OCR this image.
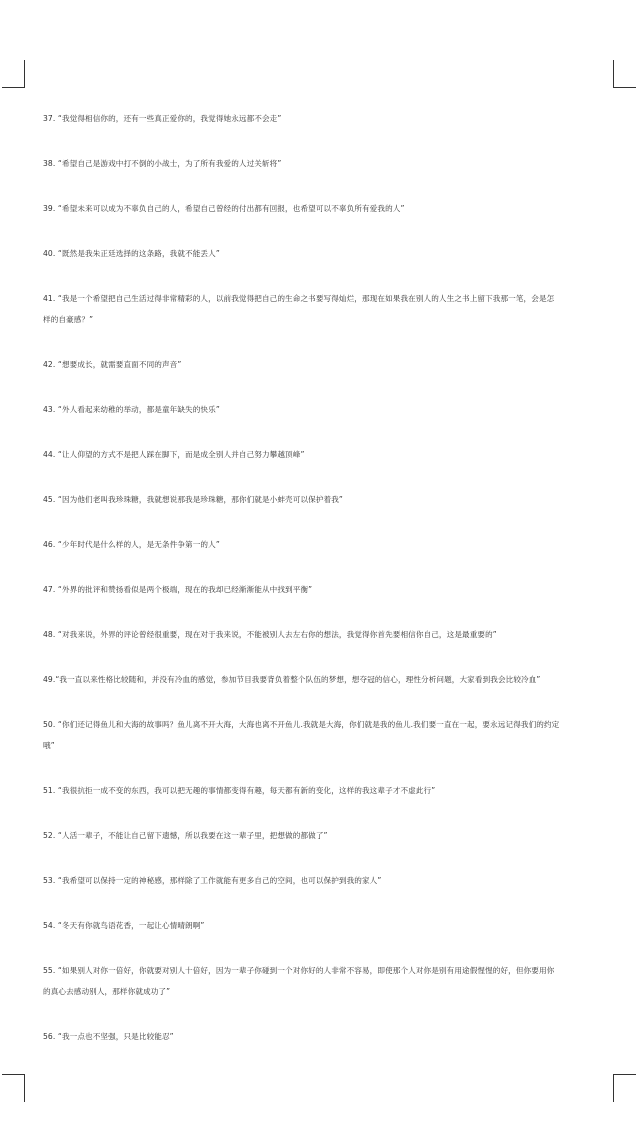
37. “我觉得相信你的，还有一些真正爱你的，我觉得她永远都不会走”
38. “希望自己是游戏中打不倒的小战士，为了所有我爱的人过关斩将”
39. “希望未来可以成为不辜负自己的人，希望自己曾经的付出都有回报，也希望可以不辜负所有爱我的人”
40. “既然是我朱正廷选择的这条路，我就不能丢人”
41. “我是一个希望把自己生活过得非常精彩的人，以前我觉得把自己的生命之书要写得灿烂，那现在如果我在别人的人生之书上留下我那一笔，会是怎
样的自豪感？”
42. “想要成长，就需要直面不同的声音”
43. “外人看起来幼稚的举动，都是童年缺失的快乐”
44. “让人仰望的方式不是把人踩在脚下，而是成全别人并自己努力攀越顶峰”
45. “因为他们老叫我珍珠糖，我就想说那我是珍珠糖，那你们就是小蚌壳可以保护着我”
46. “少年时代是什么样的人，是无条件争第一的人”
47. “外界的批评和赞扬看似是两个极端，现在的我却已经渐渐能从中找到平衡”
48. “对我来说，外界的评论曾经很重要，现在对于我来说，不能被别人去左右你的想法，我觉得你首先要相信你自己，这是最重要的”
49.“我一直以来性格比较随和，并没有冷血的感觉，参加节目我要背负着整个队伍的梦想，想夺冠的信心，理性分析问题，大家看到我会比较冷血”
50. “你们还记得鱼儿和大海的故事吗？鱼儿离不开大海，大海也离不开鱼儿.我就是大海，你们就是我的鱼儿.我们要一直在一起，要永远记得我们的约定
哦”
51. “我很抗拒一成不变的东西，我可以把无趣的事情都变得有趣，每天都有新的变化，这样的我这辈子才不虚此行”
52. “人活一辈子，不能让自己留下遗憾，所以我要在这一辈子里，把想做的都做了”
53. “我希望可以保持一定的神秘感，那样除了工作就能有更多自己的空间，也可以保护到我的家人”
54. “冬天有你就鸟语花香，一起让心情晴朗啊”
55. “如果别人对你一倍好，你就要对别人十倍好，因为一辈子你碰到一个对你好的人非常不容易，即使那个人对你是别有用途假惺惺的好，但你要用你
的真心去感动别人，那样你就成功了”
56. “我一点也不坚强，只是比较能忍”
